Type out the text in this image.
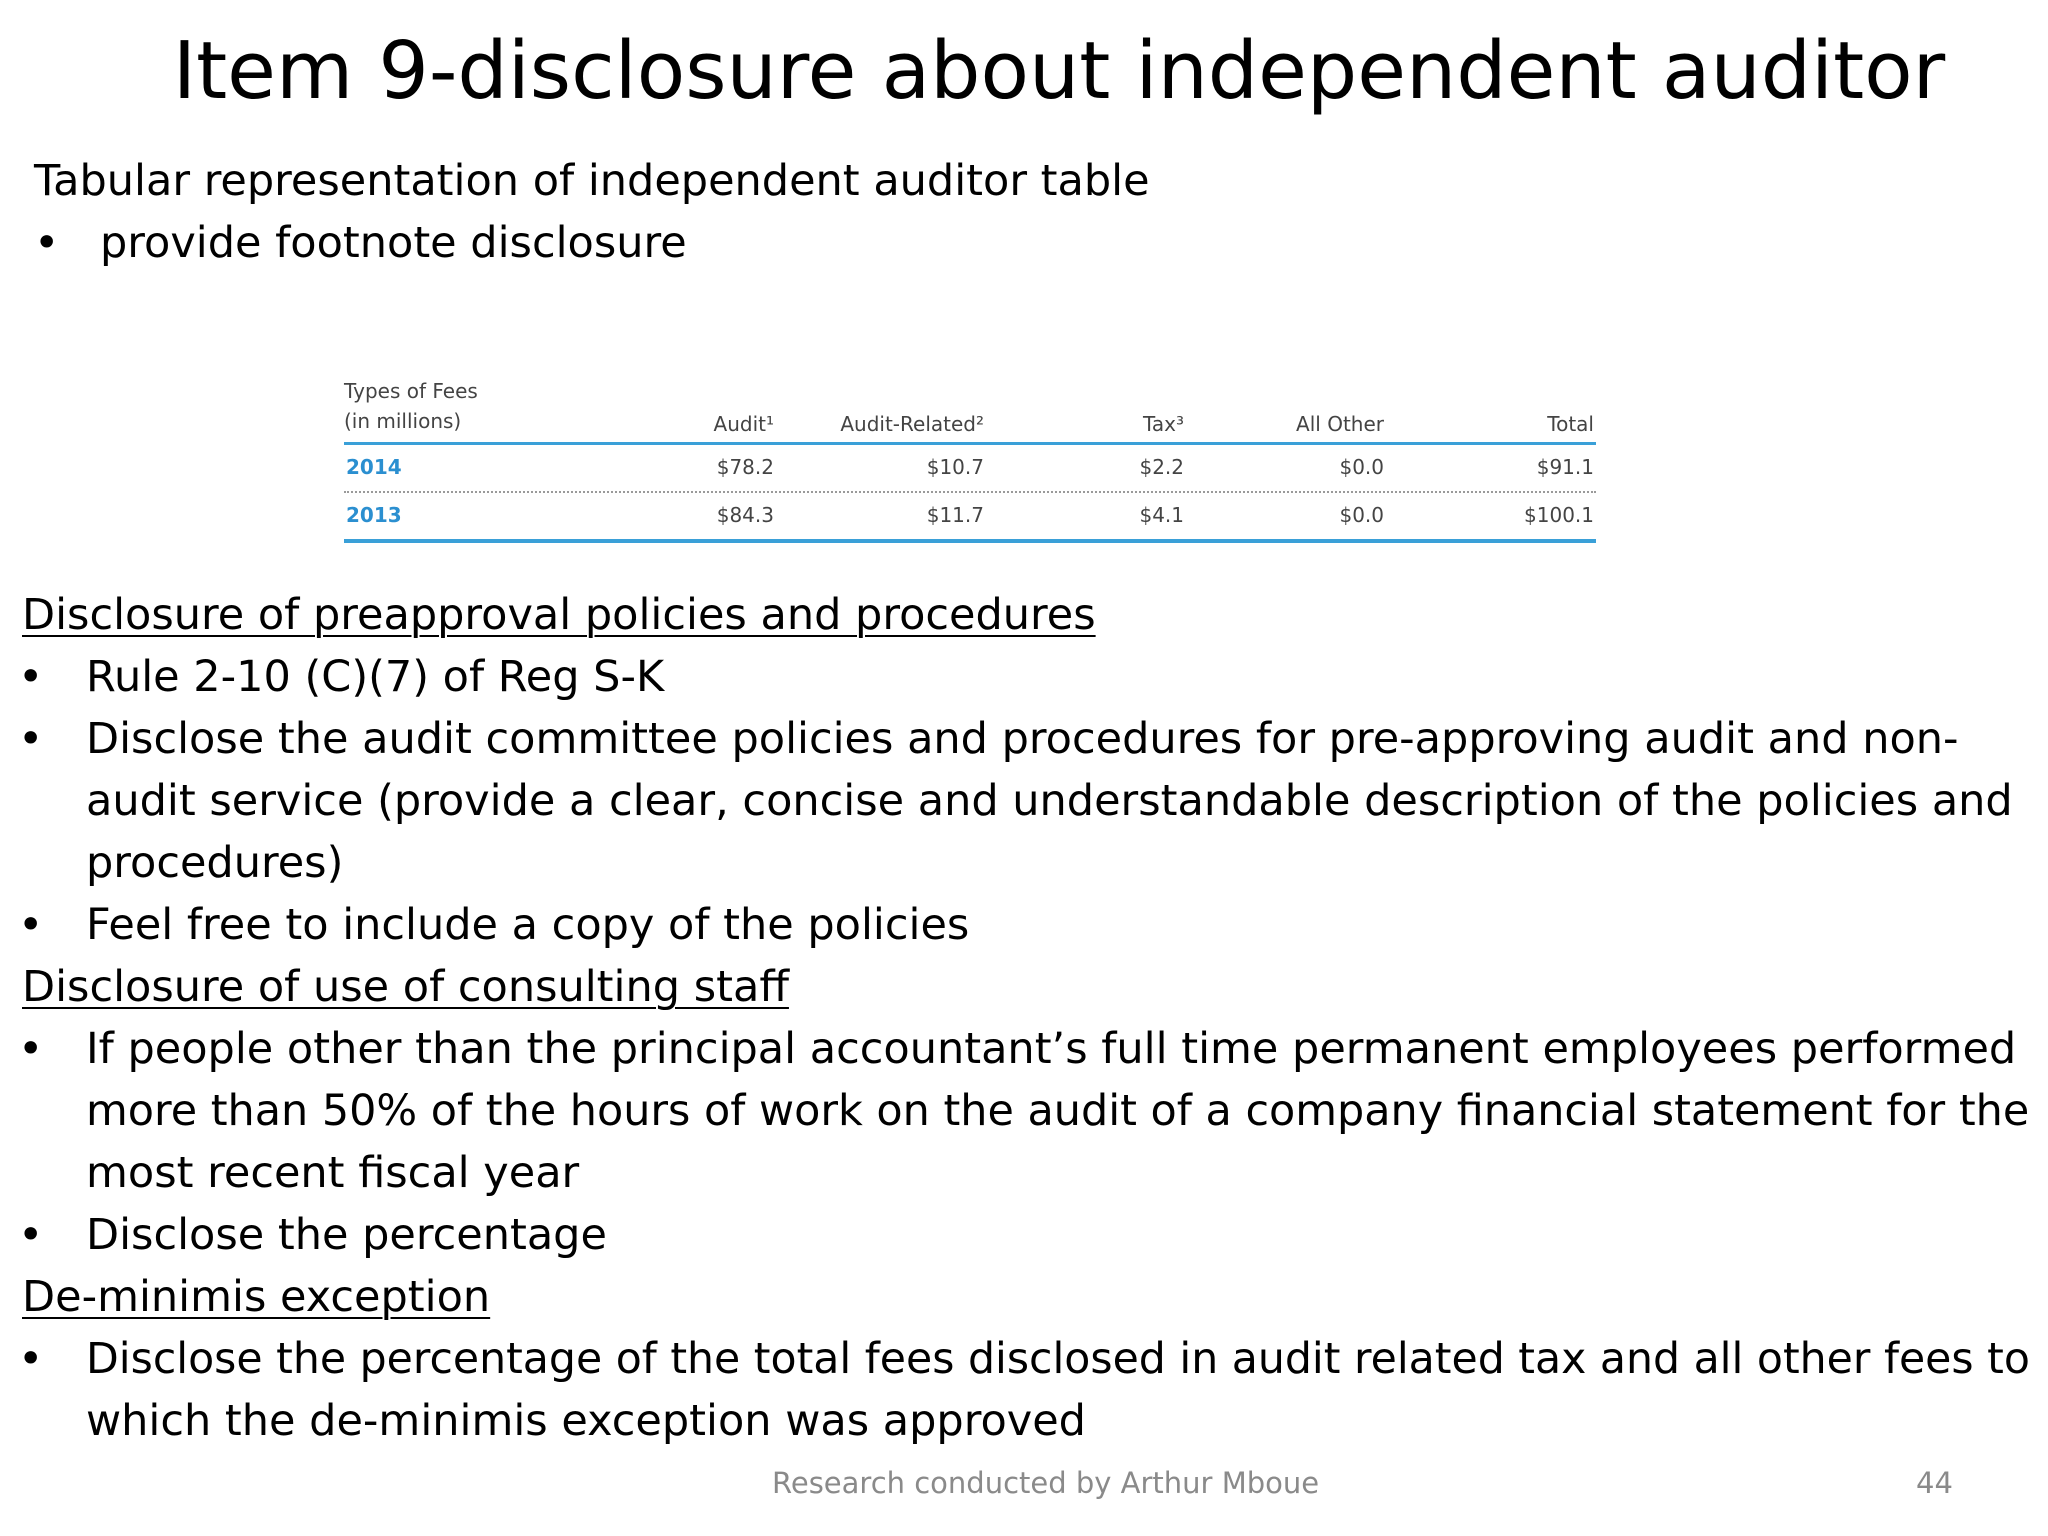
Item 9-disclosure about independent auditor
Tabular representation of independent auditor table
• provide footnote disclosure
Types of Fees
(in millions)	Audit¹	Audit-Related²	Tax³	All Other	Total
2014	$78.2	$10.7	$2.2	$0.0	$91.1
2013	$84.3	$11.7	$4.1	$0.0	$100.1
Disclosure of preapproval policies and procedures
• Rule 2-10 (C)(7) of Reg S-K
• Disclose the audit committee policies and procedures for pre-approving audit and non-
audit service (provide a clear, concise and understandable description of the policies and
procedures)
• Feel free to include a copy of the policies
Disclosure of use of consulting staff
• If people other than the principal accountant’s full time permanent employees performed
more than 50% of the hours of work on the audit of a company financial statement for the
most recent fiscal year
• Disclose the percentage
De-minimis exception
• Disclose the percentage of the total fees disclosed in audit related tax and all other fees to
which the de-minimis exception was approved
Research conducted by Arthur Mboue	44
